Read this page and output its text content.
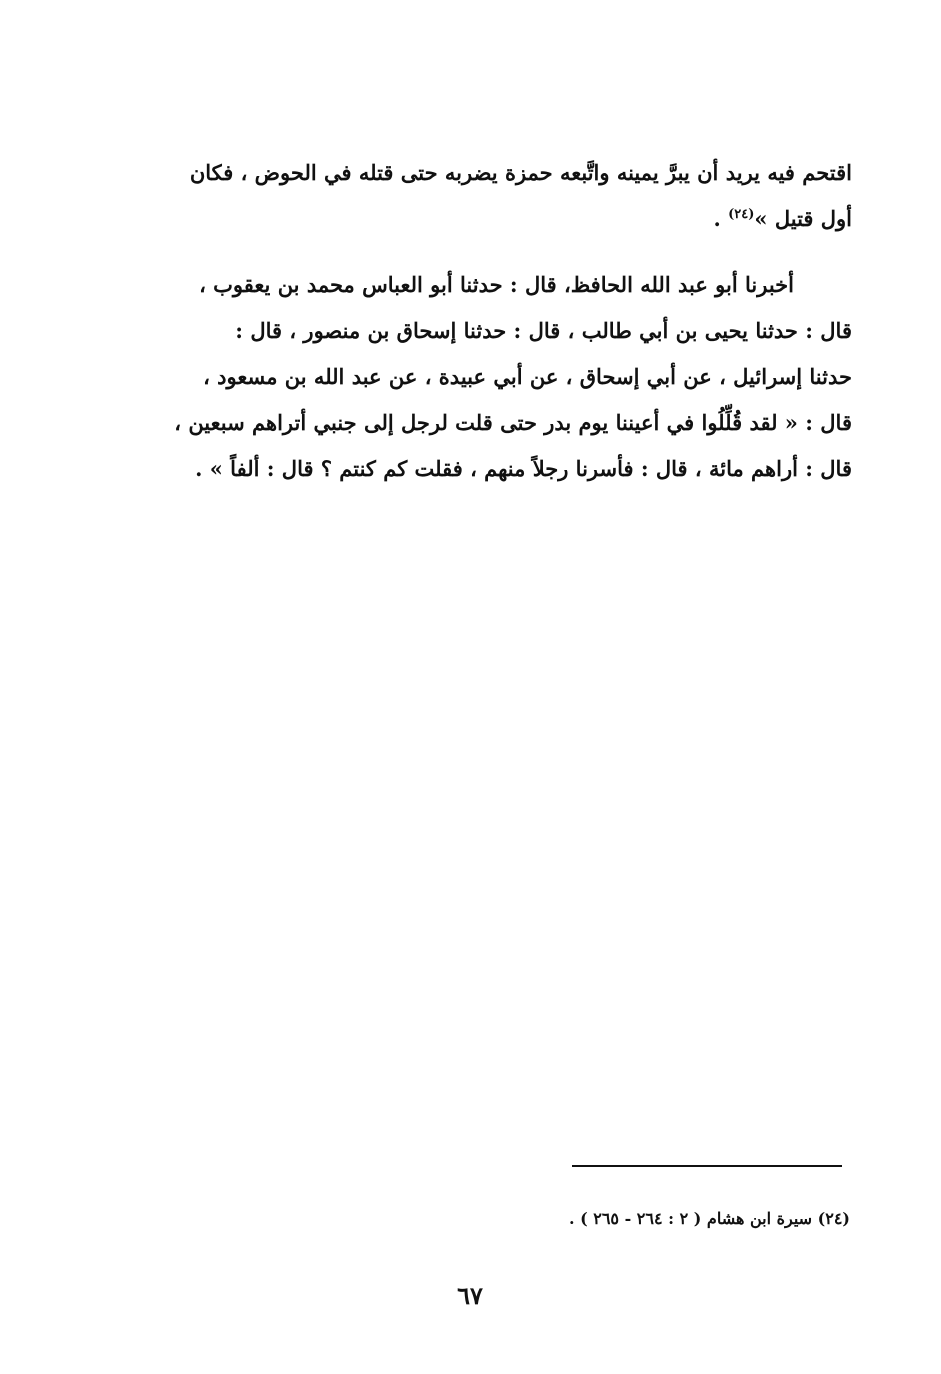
اقتحم فيه يريد أن يبرَّ يمينه واتَّبعه حمزة يضربه حتى قتله في الحوض ، فكان
أول قتيل »$^{(٢٤)}$ .
أخبرنا أبو عبد الله الحافظ، قال : حدثنا أبو العباس محمد بن يعقوب ،
قال : حدثنا يحيى بن أبي طالب ، قال : حدثنا إسحاق بن منصور ، قال :
حدثنا إسرائيل ، عن أبي إسحاق ، عن أبي عبيدة ، عن عبد الله بن مسعود ،
قال : « لقد قُلِّلُوا في أعيننا يوم بدر حتى قلت لرجل إلى جنبي أتراهم سبعين ،
قال : أراهم مائة ، قال : فأسرنا رجلاً منهم ، فقلت كم كنتم ؟ قال : ألفاً » .
(٢٤) سيرة ابن هشام ( ٢ : ٢٦٤ - ٢٦٥ ) .
٦٧
